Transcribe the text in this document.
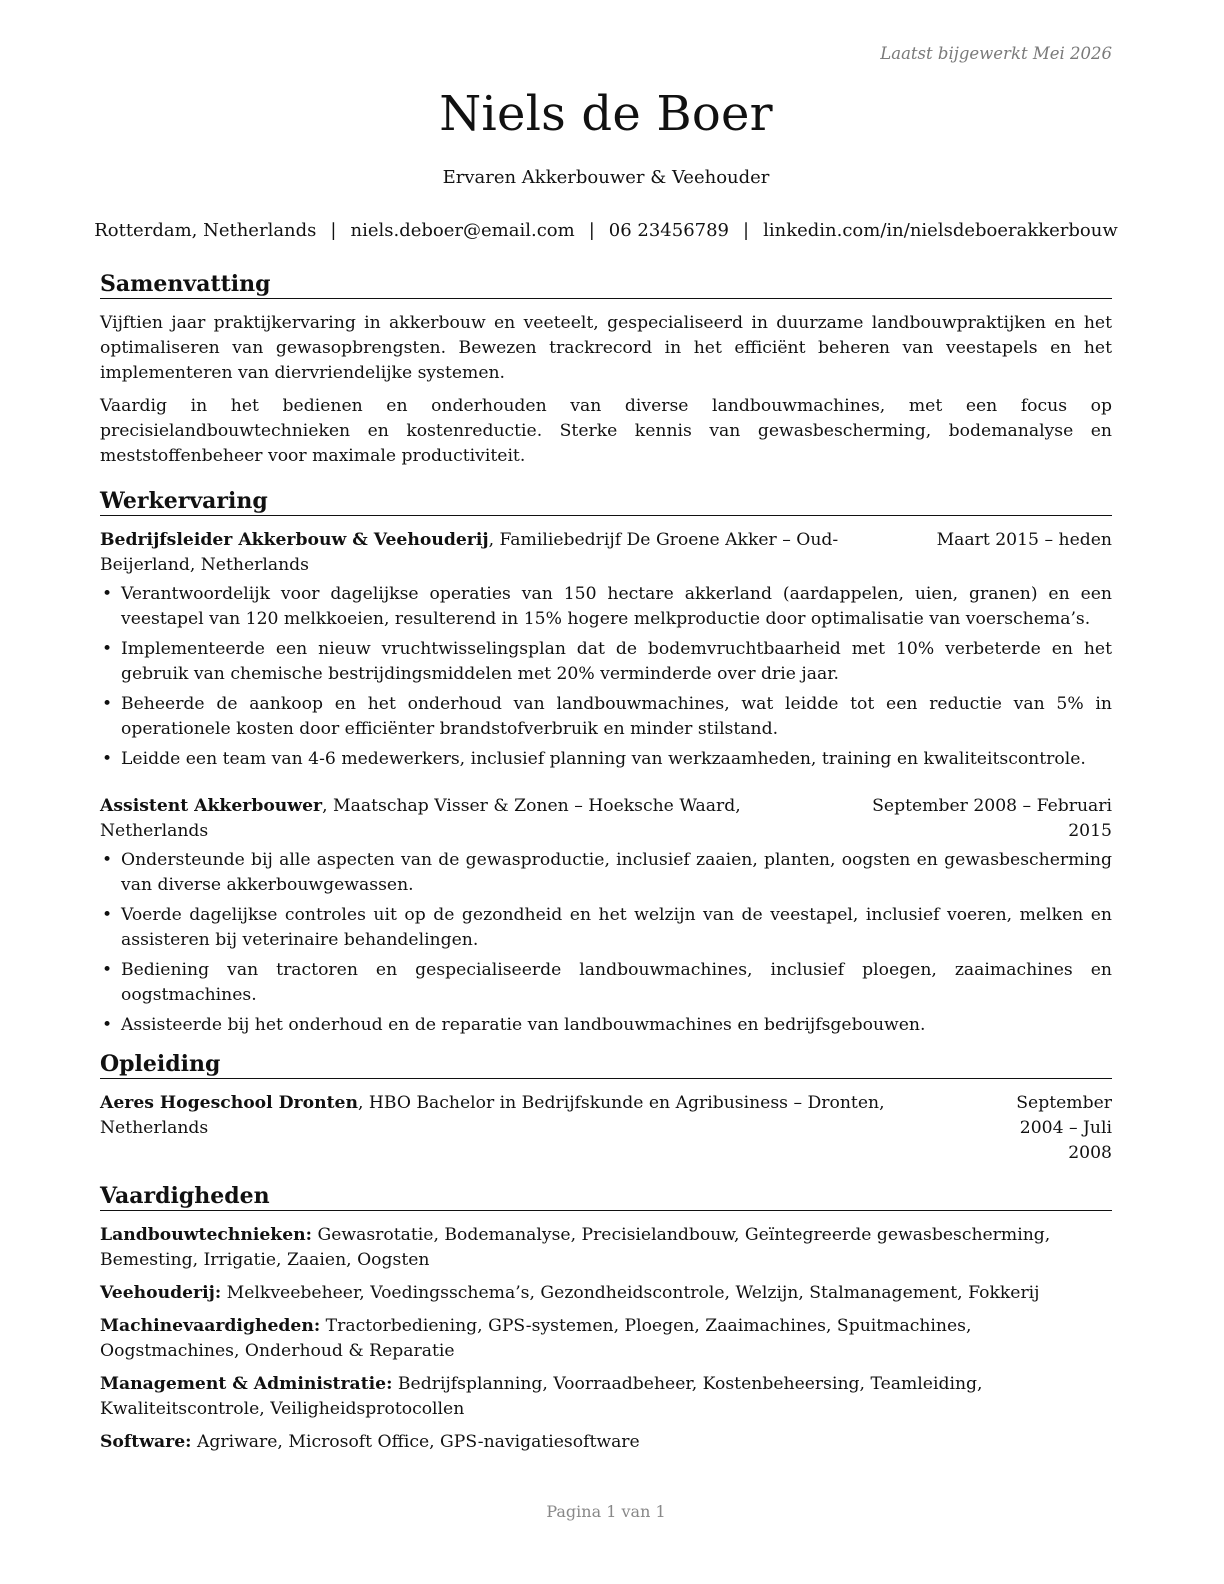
Laatst bijgewerkt Mei 2026
Niels de Boer
Ervaren Akkerbouwer & Veehouder
Rotterdam, Netherlands | niels.deboer@email.com | 06 23456789 | linkedin.com/in/nielsdeboerakkerbouw
Samenvatting

Vijftien jaar praktijkervaring in akkerbouw en veeteelt, gespecialiseerd in duurzame landbouwpraktijken en het optimaliseren van gewasopbrengsten. Bewezen trackrecord in het efficiënt beheren van veestapels en het implementeren van diervriendelijke systemen.

Vaardig in het bedienen en onderhouden van diverse landbouwmachines, met een focus op precisielandbouwtechnieken en kostenreductie. Sterke kennis van gewasbescherming, bodemanalyse en meststoffenbeheer voor maximale productiviteit.

Werkervaring
Bedrijfsleider Akkerbouw & Veehouderij, Familiebedrijf De Groene Akker – Oud-Beijerland, Netherlands
Maart 2015 – heden
• Verantwoordelijk voor dagelijkse operaties van 150 hectare akkerland (aardappelen, uien, granen) en een veestapel van 120 melkkoeien, resulterend in 15% hogere melkproductie door optimalisatie van voerschema’s.
• Implementeerde een nieuw vruchtwisselingsplan dat de bodemvruchtbaarheid met 10% verbeterde en het gebruik van chemische bestrijdingsmiddelen met 20% verminderde over drie jaar.
• Beheerde de aankoop en het onderhoud van landbouwmachines, wat leidde tot een reductie van 5% in operationele kosten door efficiënter brandstofverbruik en minder stilstand.
• Leidde een team van 4-6 medewerkers, inclusief planning van werkzaamheden, training en kwaliteitscontrole.
Assistent Akkerbouwer, Maatschap Visser & Zonen – Hoeksche Waard, Netherlands
September 2008 – Februari 2015
• Ondersteunde bij alle aspecten van de gewasproductie, inclusief zaaien, planten, oogsten en gewasbescherming van diverse akkerbouwgewassen.
• Voerde dagelijkse controles uit op de gezondheid en het welzijn van de veestapel, inclusief voeren, melken en assisteren bij veterinaire behandelingen.
• Bediening van tractoren en gespecialiseerde landbouwmachines, inclusief ploegen, zaaimachines en oogstmachines.
• Assisteerde bij het onderhoud en de reparatie van landbouwmachines en bedrijfsgebouwen.
Opleiding
Aeres Hogeschool Dronten, HBO Bachelor in Bedrijfskunde en Agribusiness – Dronten, Netherlands
September 2004 – Juli 2008
Vaardigheden
Landbouwtechnieken: Gewasrotatie, Bodemanalyse, Precisielandbouw, Geïntegreerde gewasbescherming, Bemesting, Irrigatie, Zaaien, Oogsten
Veehouderij: Melkveebeheer, Voedingsschema’s, Gezondheidscontrole, Welzijn, Stalmanagement, Fokkerij
Machinevaardigheden: Tractorbediening, GPS-systemen, Ploegen, Zaaimachines, Spuitmachines, Oogstmachines, Onderhoud & Reparatie
Management & Administratie: Bedrijfsplanning, Voorraadbeheer, Kostenbeheersing, Teamleiding, Kwaliteitscontrole, Veiligheidsprotocollen
Software: Agriware, Microsoft Office, GPS-navigatiesoftware
Pagina 1 van 1
